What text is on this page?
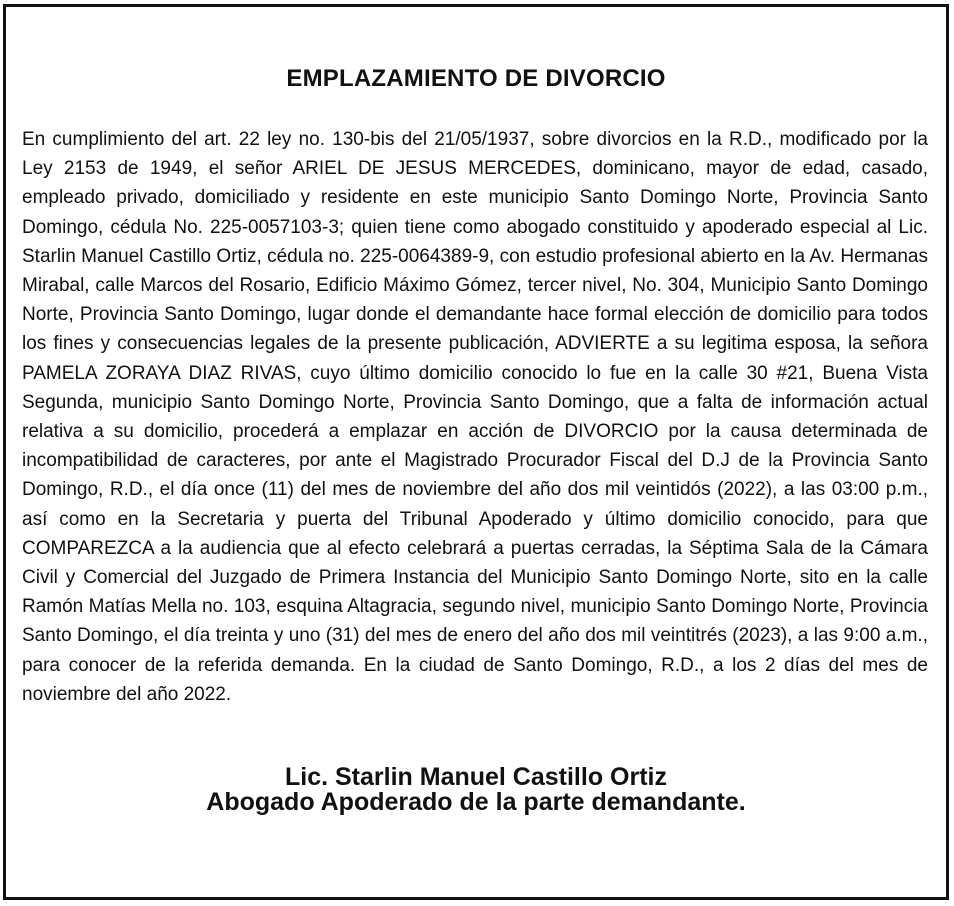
EMPLAZAMIENTO DE DIVORCIO

En cumplimiento del art. 22 ley no. 130-bis del 21/05/1937, sobre divorcios en la R.D., modificado por la Ley 2153 de 1949, el señor ARIEL DE JESUS MERCEDES, dominicano, mayor de edad, casado, empleado privado, domiciliado y residente en este municipio Santo Domingo Norte, Provincia Santo Domingo, cédula No. 225-0057103-3; quien tiene como abogado constituido y apoderado especial al Lic. Starlin Manuel Castillo Ortiz, cédula no. 225-0064389-9, con estudio profesional abierto en la Av. Hermanas Mirabal, calle Marcos del Rosario, Edificio Máximo Gómez, tercer nivel, No. 304, Municipio Santo Domingo Norte, Provincia Santo Domingo, lugar donde el demandante hace formal elección de domicilio para todos los fines y consecuencias legales de la presente publicación, ADVIERTE a su legitima esposa, la señora PAMELA ZORAYA DIAZ RIVAS, cuyo último domicilio conocido lo fue en la calle 30 #21, Buena Vista Segunda, municipio Santo Domingo Norte, Provincia Santo Domingo, que a falta de información actual relativa a su domicilio, procederá a emplazar en acción de DIVORCIO por la causa determinada de incompatibilidad de caracteres, por ante el Magistrado Procurador Fiscal del D.J de la Provincia Santo Domingo, R.D., el día once (11) del mes de noviembre del año dos mil veintidós (2022), a las 03:00 p.m., así como en la Secretaria y puerta del Tribunal Apoderado y último domicilio conocido, para que COMPAREZCA a la audiencia que al efecto celebrará a puertas cerradas, la Séptima Sala de la Cámara Civil y Comercial del Juzgado de Primera Instancia del Municipio Santo Domingo Norte, sito en la calle Ramón Matías Mella no. 103, esquina Altagracia, segundo nivel, municipio Santo Domingo Norte, Provincia Santo Domingo, el día treinta y uno (31) del mes de enero del año dos mil veintitrés (2023), a las 9:00 a.m., para conocer de la referida demanda. En la ciudad de Santo Domingo, R.D., a los 2 días del mes de noviembre del año 2022.

Lic. Starlin Manuel Castillo Ortiz
Abogado Apoderado de la parte demandante.
